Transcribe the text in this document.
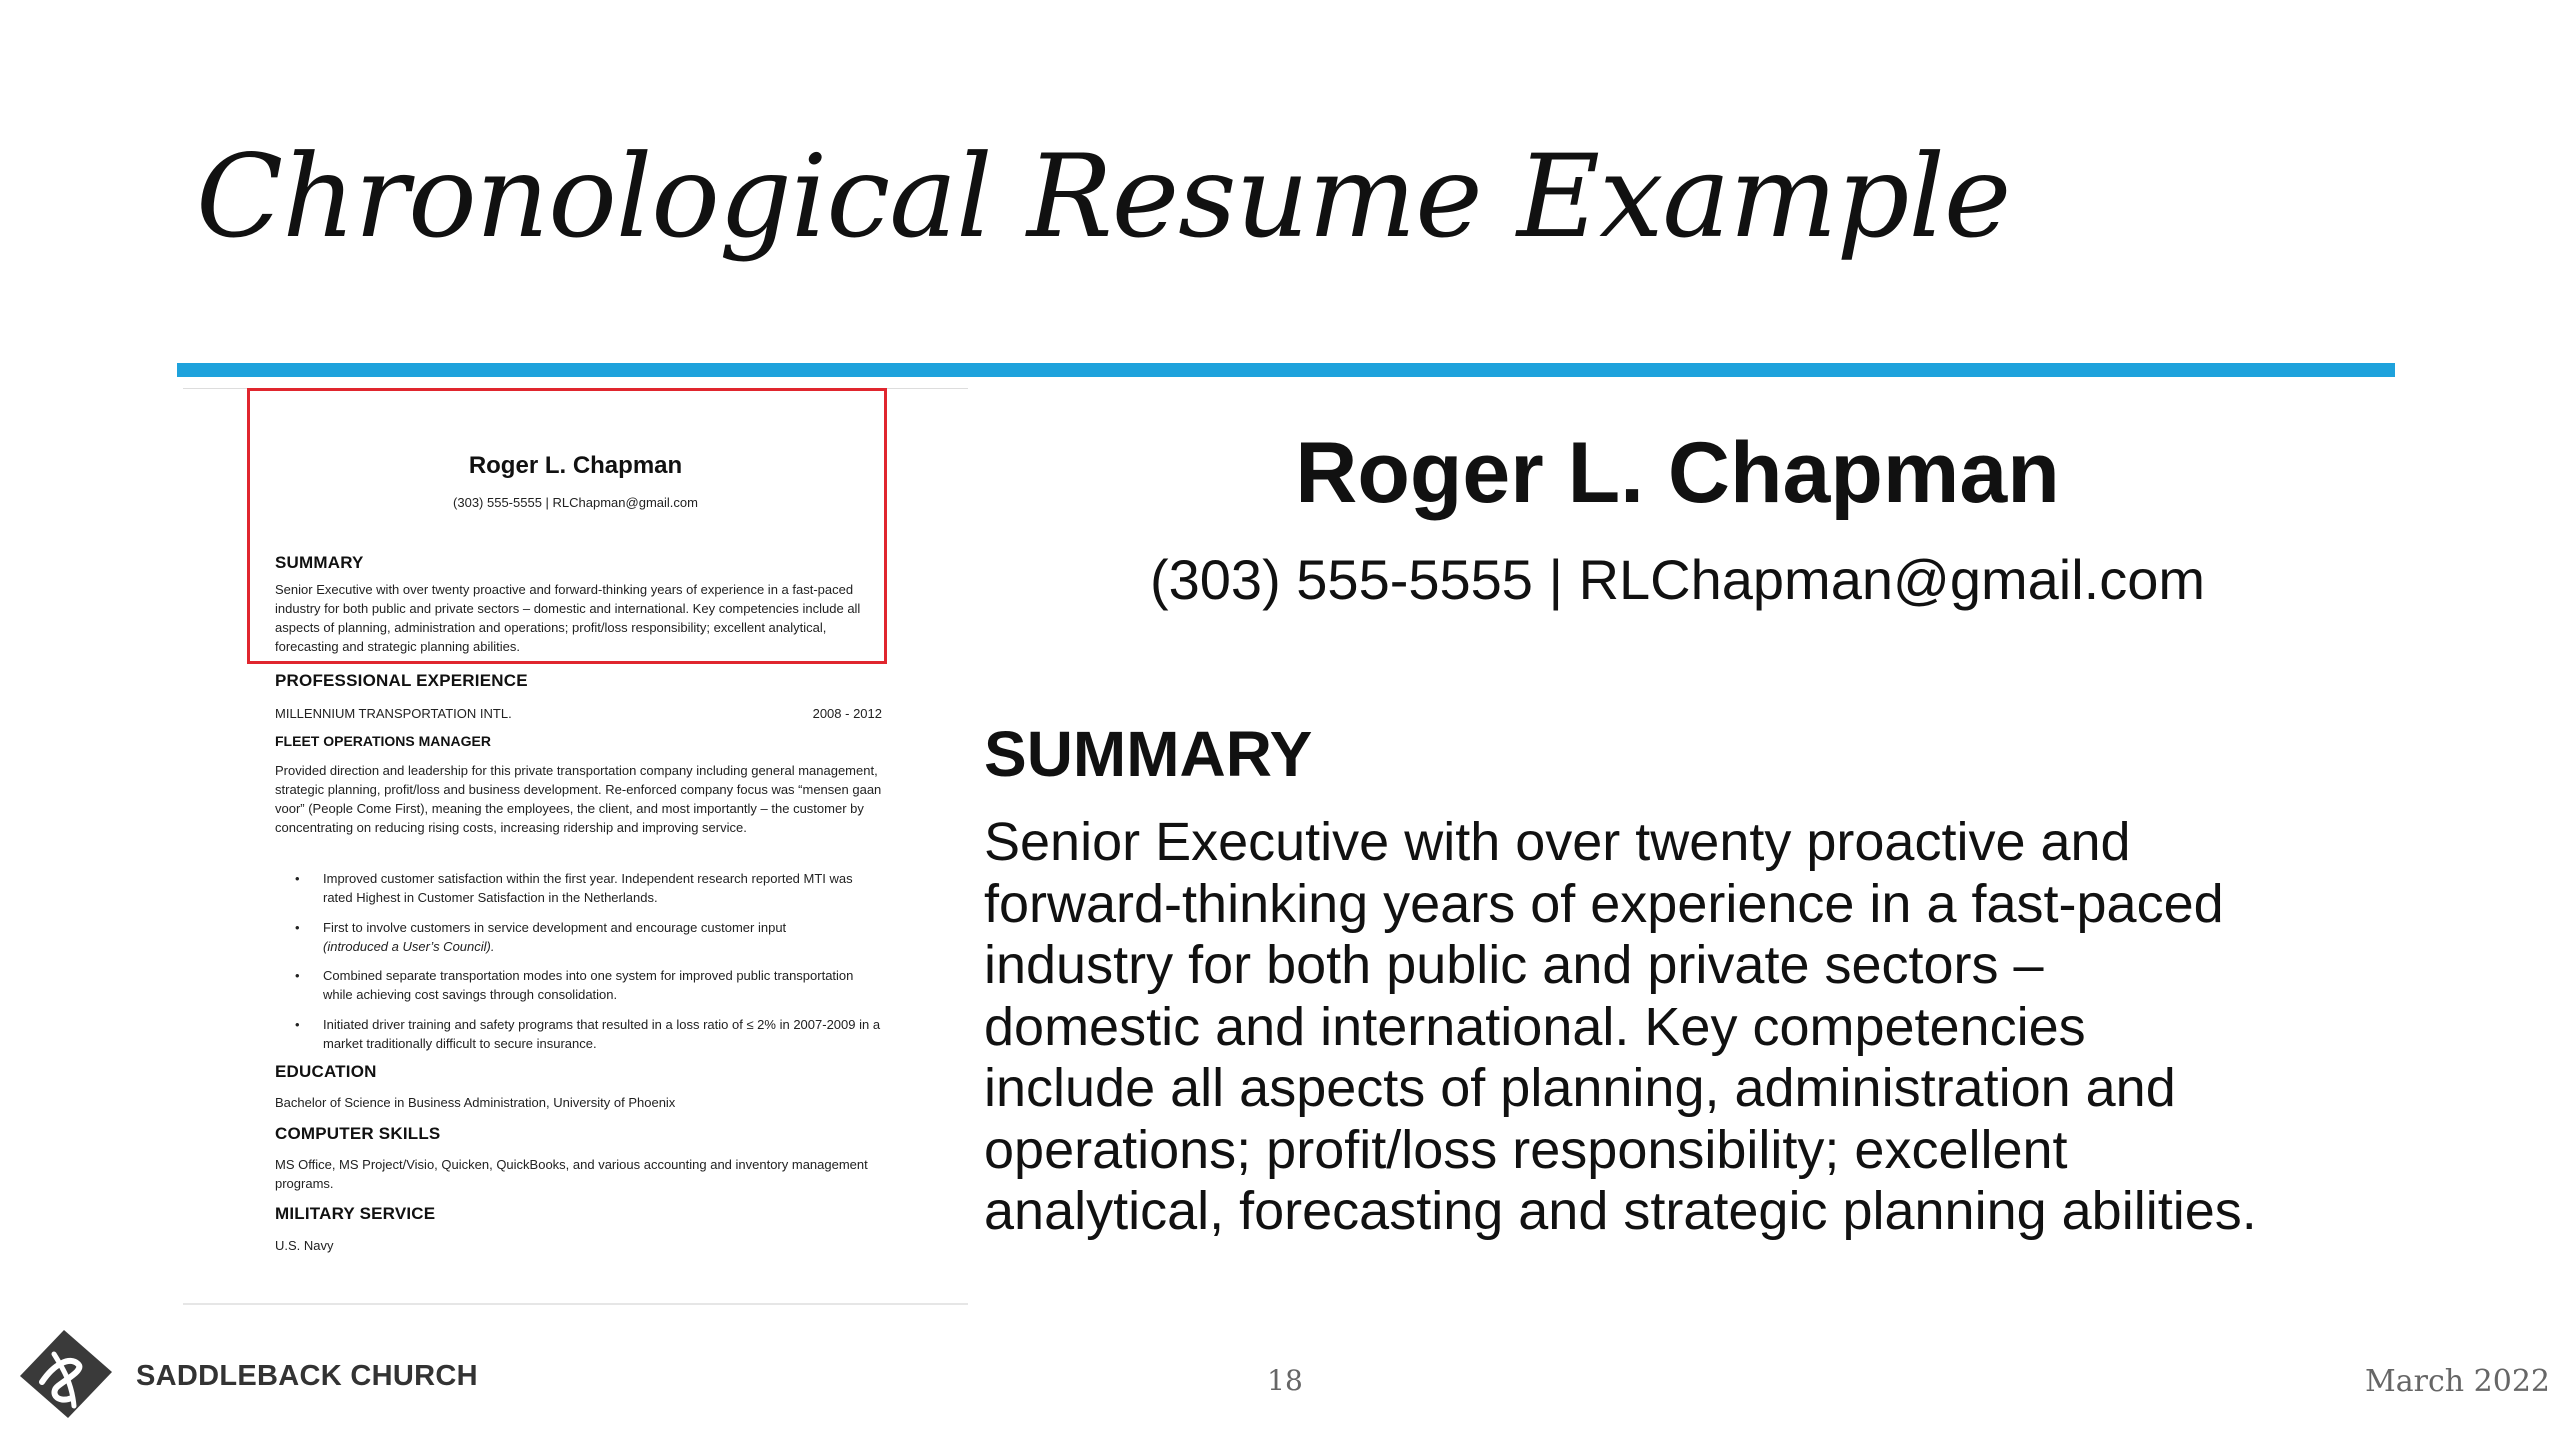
Chronological Resume Example
Roger L. Chapman
(303) 555-5555 | RLChapman@gmail.com
SUMMARY

Senior Executive with over twenty proactive and forward-thinking years of experience in a fast-paced industry for both public and private sectors – domestic and international. Key competencies include all aspects of planning, administration and operations; profit/loss responsibility; excellent analytical, forecasting and strategic planning abilities.

PROFESSIONAL EXPERIENCE
MILLENNIUM TRANSPORTATION INTL.	2008 - 2012
FLEET OPERATIONS MANAGER

Provided direction and leadership for this private transportation company including general management, strategic planning, profit/loss and business development. Re-enforced company focus was “mensen gaan voor” (People Come First), meaning the employees, the client, and most importantly – the customer by concentrating on reducing rising costs, increasing ridership and improving service.

• Improved customer satisfaction within the first year. Independent research reported MTI was rated Highest in Customer Satisfaction in the Netherlands.
• First to involve customers in service development and encourage customer input
(introduced a User’s Council).
• Combined separate transportation modes into one system for improved public transportation while achieving cost savings through consolidation.
• Initiated driver training and safety programs that resulted in a loss ratio of ≤ 2% in 2007-2009 in a market traditionally difficult to secure insurance.
EDUCATION
Bachelor of Science in Business Administration, University of Phoenix
COMPUTER SKILLS

MS Office, MS Project/Visio, Quicken, QuickBooks, and various accounting and inventory management programs.

MILITARY SERVICE
U.S. Navy
Roger L. Chapman
(303) 555-5555 | RLChapman@gmail.com
SUMMARY

Senior Executive with over twenty proactive and
forward-thinking years of experience in a fast-paced
industry for both public and private sectors –
domestic and international. Key competencies
include all aspects of planning, administration and
operations; profit/loss responsibility; excellent
analytical, forecasting and strategic planning abilities.

SADDLEBACK CHURCH	18	March 2022
